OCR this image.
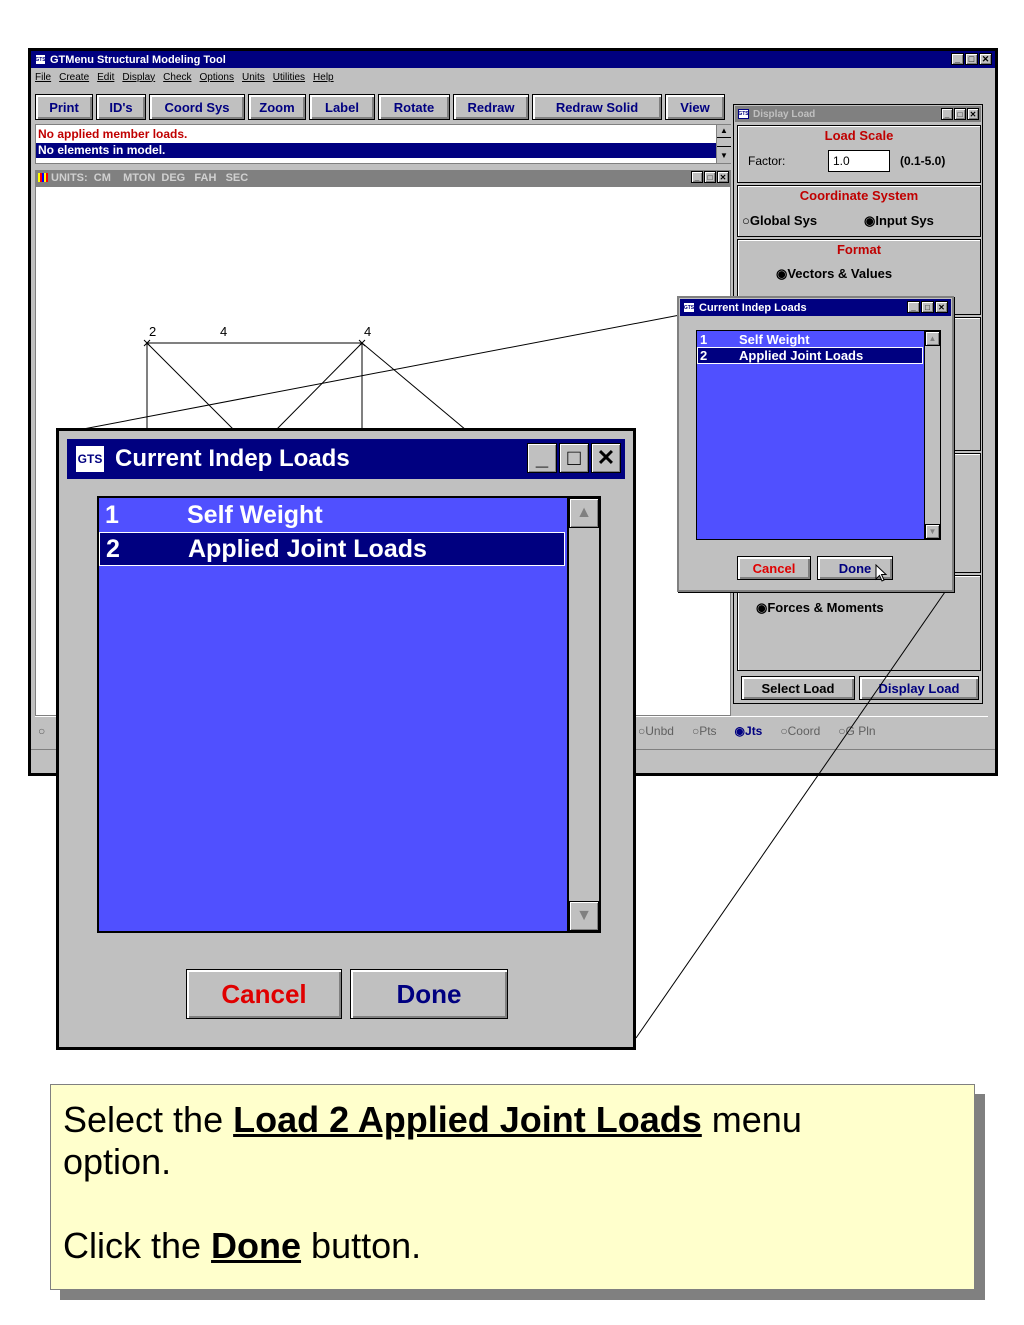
GTS GTMenu Structural Modeling Tool	_ □ ✕
File Create Edit Display Check Options Units Utilities Help
Print	ID's	Coord Sys	Zoom	Label	Rotate	Redraw	Redraw Solid	View
No applied member loads.
No elements in model.
▲
▼
UNITS:  CM    MTON  DEG   FAH   SEC	_	□ ✕
○	○Unbd ○Pts ◉Jts ○Coord ○G Pln
GTS Display Load	_	□ ✕
Load Scale
Factor:
1.0	(0.1-5.0)
Coordinate System
○Global Sys	◉Input Sys
Format
◉Vectors & Values
◉Forces & Moments
Select Load	Display Load
2	4	4
GTS Current Indep Loads	_	□	✕
1	Self Weight
2	Applied Joint Loads
▲
▼
Cancel	Done
GTS Current Indep Loads	_ □ ✕
1	Self Weight
2	Applied Joint Loads
▲
▼
Cancel	Done
Select the Load 2 Applied Joint Loads menu option.
Click the Done button.
